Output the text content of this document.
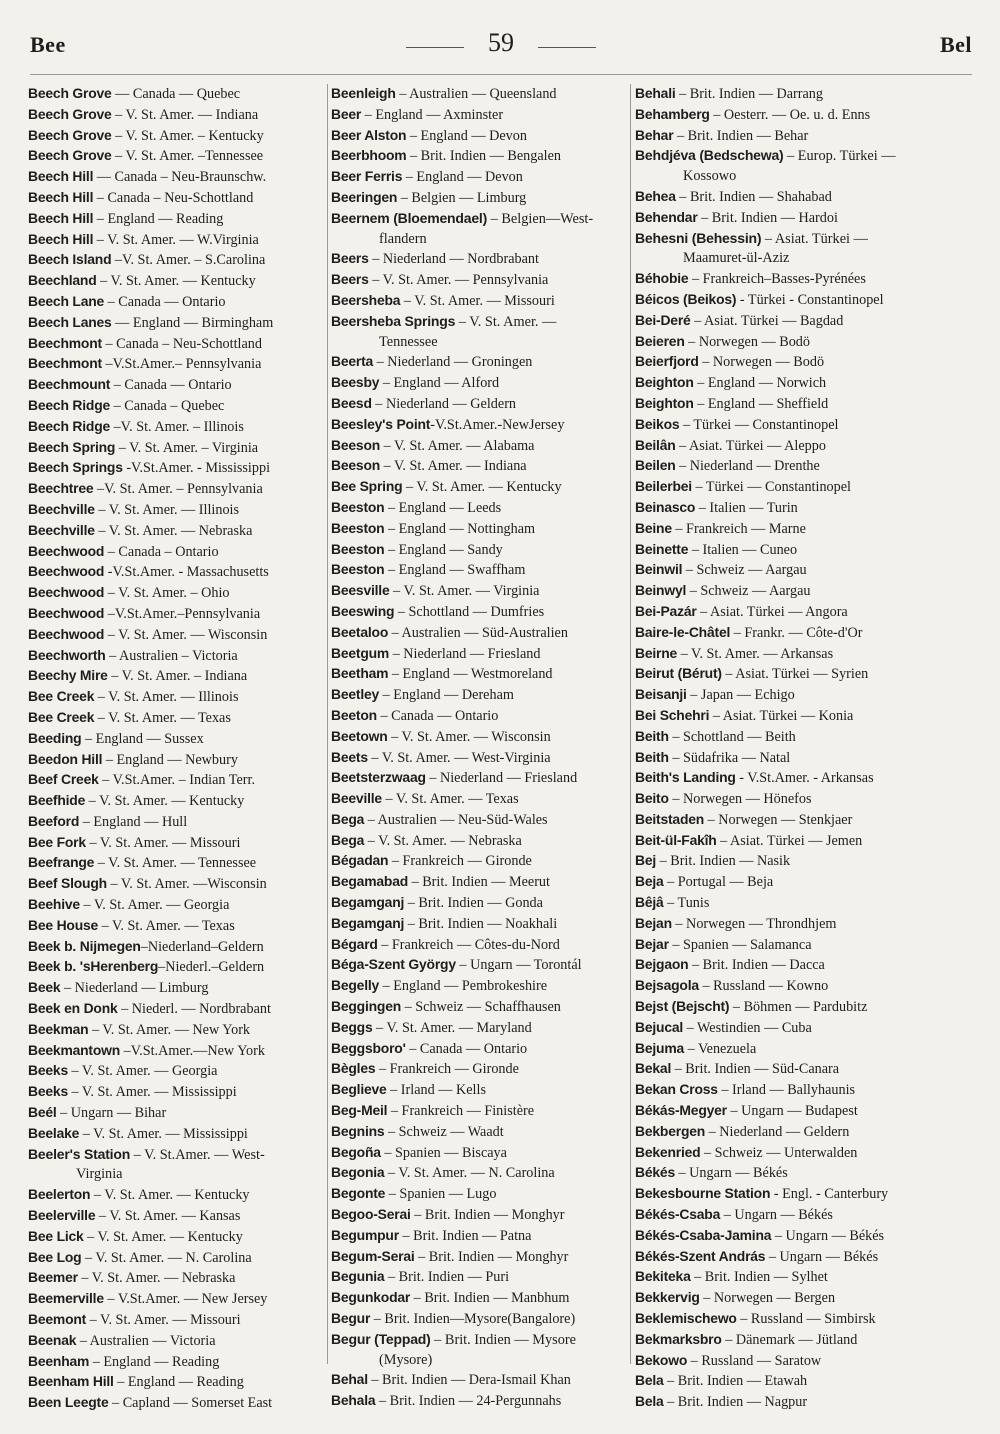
Bee	59	Bel
Beech Grove — Canada — Quebec
Beech Grove – V. St. Amer. — Indiana
Beech Grove – V. St. Amer. – Kentucky
Beech Grove – V. St. Amer. –Tennessee
Beech Hill — Canada – Neu-Braunschw.
Beech Hill – Canada – Neu-Schottland
Beech Hill – England — Reading
Beech Hill – V. St. Amer. — W.Virginia
Beech Island –V. St. Amer. – S.Carolina
Beechland – V. St. Amer. — Kentucky
Beech Lane – Canada — Ontario
Beech Lanes — England — Birmingham
Beechmont – Canada – Neu-Schottland
Beechmont –V.St.Amer.– Pennsylvania
Beechmount – Canada — Ontario
Beech Ridge – Canada – Quebec
Beech Ridge –V. St. Amer. – Illinois
Beech Spring – V. St. Amer. – Virginia
Beech Springs -V.St.Amer. - Mississippi
Beechtree –V. St. Amer. – Pennsylvania
Beechville – V. St. Amer. — Illinois
Beechville – V. St. Amer. — Nebraska
Beechwood – Canada – Ontario
Beechwood -V.St.Amer. - Massachusetts
Beechwood – V. St. Amer. – Ohio
Beechwood –V.St.Amer.–Pennsylvania
Beechwood – V. St. Amer. — Wisconsin
Beechworth – Australien – Victoria
Beechy Mire – V. St. Amer. – Indiana
Bee Creek – V. St. Amer. — Illinois
Bee Creek – V. St. Amer. — Texas
Beeding – England — Sussex
Beedon Hill – England — Newbury
Beef Creek – V.St.Amer. – Indian Terr.
Beefhide – V. St. Amer. — Kentucky
Beeford – England — Hull
Bee Fork – V. St. Amer. — Missouri
Beefrange – V. St. Amer. — Tennessee
Beef Slough – V. St. Amer. —Wisconsin
Beehive – V. St. Amer. — Georgia
Bee House – V. St. Amer. — Texas
Beek b. Nijmegen–Niederland–Geldern
Beek b. 'sHerenberg–Niederl.–Geldern
Beek – Niederland — Limburg
Beek en Donk – Niederl. — Nordbrabant
Beekman – V. St. Amer. — New York
Beekmantown –V.St.Amer.—New York
Beeks – V. St. Amer. — Georgia
Beeks – V. St. Amer. — Mississippi
Beél – Ungarn — Bihar
Beelake – V. St. Amer. — Mississippi
Beeler's Station – V. St.Amer. — West-
Virginia
Beelerton – V. St. Amer. — Kentucky
Beelerville – V. St. Amer. — Kansas
Bee Lick – V. St. Amer. — Kentucky
Bee Log – V. St. Amer. — N. Carolina
Beemer – V. St. Amer. — Nebraska
Beemerville – V.St.Amer. — New Jersey
Beemont – V. St. Amer. — Missouri
Beenak – Australien — Victoria
Beenham – England — Reading
Beenham Hill – England — Reading
Been Leegte – Capland — Somerset East
Beenleigh – Australien — Queensland
Beer – England — Axminster
Beer Alston – England — Devon
Beerbhoom – Brit. Indien — Bengalen
Beer Ferris – England — Devon
Beeringen – Belgien — Limburg
Beernem (Bloemendael) – Belgien—West-
flandern
Beers – Niederland — Nordbrabant
Beers – V. St. Amer. — Pennsylvania
Beersheba – V. St. Amer. — Missouri
Beersheba Springs – V. St. Amer. —
Tennessee
Beerta – Niederland — Groningen
Beesby – England — Alford
Beesd – Niederland — Geldern
Beesley's Point-V.St.Amer.-NewJersey
Beeson – V. St. Amer. — Alabama
Beeson – V. St. Amer. — Indiana
Bee Spring – V. St. Amer. — Kentucky
Beeston – England — Leeds
Beeston – England — Nottingham
Beeston – England — Sandy
Beeston – England — Swaffham
Beesville – V. St. Amer. — Virginia
Beeswing – Schottland — Dumfries
Beetaloo – Australien — Süd-Australien
Beetgum – Niederland — Friesland
Beetham – England — Westmoreland
Beetley – England — Dereham
Beeton – Canada — Ontario
Beetown – V. St. Amer. — Wisconsin
Beets – V. St. Amer. — West-Virginia
Beetsterzwaag – Niederland — Friesland
Beeville – V. St. Amer. — Texas
Bega – Australien — Neu-Süd-Wales
Bega – V. St. Amer. — Nebraska
Bégadan – Frankreich — Gironde
Begamabad – Brit. Indien — Meerut
Begamganj – Brit. Indien — Gonda
Begamganj – Brit. Indien — Noakhali
Bégard – Frankreich — Côtes-du-Nord
Béga-Szent György – Ungarn — Torontál
Begelly – England — Pembrokeshire
Beggingen – Schweiz — Schaffhausen
Beggs – V. St. Amer. — Maryland
Beggsboro' – Canada — Ontario
Bègles – Frankreich — Gironde
Beglieve – Irland — Kells
Beg-Meil – Frankreich — Finistère
Begnins – Schweiz — Waadt
Begoña – Spanien — Biscaya
Begonia – V. St. Amer. — N. Carolina
Begonte – Spanien — Lugo
Begoo-Serai – Brit. Indien — Monghyr
Begumpur – Brit. Indien — Patna
Begum-Serai – Brit. Indien — Monghyr
Begunia – Brit. Indien — Puri
Begunkodar – Brit. Indien — Manbhum
Begur – Brit. Indien—Mysore(Bangalore)
Begur (Teppad) – Brit. Indien — Mysore
(Mysore)
Behal – Brit. Indien — Dera-Ismail Khan
Behala – Brit. Indien — 24-Pergunnahs
Behali – Brit. Indien — Darrang
Behamberg – Oesterr. — Oe. u. d. Enns
Behar – Brit. Indien — Behar
Behdjéva (Bedschewa) – Europ. Türkei —
Kossowo
Behea – Brit. Indien — Shahabad
Behendar – Brit. Indien — Hardoi
Behesni (Behessin) – Asiat. Türkei —
Maamuret-ül-Aziz
Béhobie – Frankreich–Basses-Pyrénées
Béicos (Beikos) - Türkei - Constantinopel
Bei-Deré – Asiat. Türkei — Bagdad
Beieren – Norwegen — Bodö
Beierfjord – Norwegen — Bodö
Beighton – England — Norwich
Beighton – England — Sheffield
Beikos – Türkei — Constantinopel
Beilân – Asiat. Türkei — Aleppo
Beilen – Niederland — Drenthe
Beilerbei – Türkei — Constantinopel
Beinasco – Italien — Turin
Beine – Frankreich — Marne
Beinette – Italien — Cuneo
Beinwil – Schweiz — Aargau
Beinwyl – Schweiz — Aargau
Bei-Pazár – Asiat. Türkei — Angora
Baire-le-Châtel – Frankr. — Côte-d'Or
Beirne – V. St. Amer. — Arkansas
Beirut (Bérut) – Asiat. Türkei — Syrien
Beisanji – Japan — Echigo
Bei Schehri – Asiat. Türkei — Konia
Beith – Schottland — Beith
Beith – Südafrika — Natal
Beith's Landing - V.St.Amer. - Arkansas
Beito – Norwegen — Hönefos
Beitstaden – Norwegen — Stenkjaer
Beit-ül-Fakîh – Asiat. Türkei — Jemen
Bej – Brit. Indien — Nasik
Beja – Portugal — Beja
Bêjâ – Tunis
Bejan – Norwegen — Throndhjem
Bejar – Spanien — Salamanca
Bejgaon – Brit. Indien — Dacca
Bejsagola – Russland — Kowno
Bejst (Bejscht) – Böhmen — Pardubitz
Bejucal – Westindien — Cuba
Bejuma – Venezuela
Bekal – Brit. Indien — Süd-Canara
Bekan Cross – Irland — Ballyhaunis
Békás-Megyer – Ungarn — Budapest
Bekbergen – Niederland — Geldern
Bekenried – Schweiz — Unterwalden
Békés – Ungarn — Békés
Bekesbourne Station - Engl. - Canterbury
Békés-Csaba – Ungarn — Békés
Békés-Csaba-Jamina – Ungarn — Békés
Békés-Szent András – Ungarn — Békés
Bekiteka – Brit. Indien — Sylhet
Bekkervig – Norwegen — Bergen
Beklemischewo – Russland — Simbirsk
Bekmarksbro – Dänemark — Jütland
Bekowo – Russland — Saratow
Bela – Brit. Indien — Etawah
Bela – Brit. Indien — Nagpur
